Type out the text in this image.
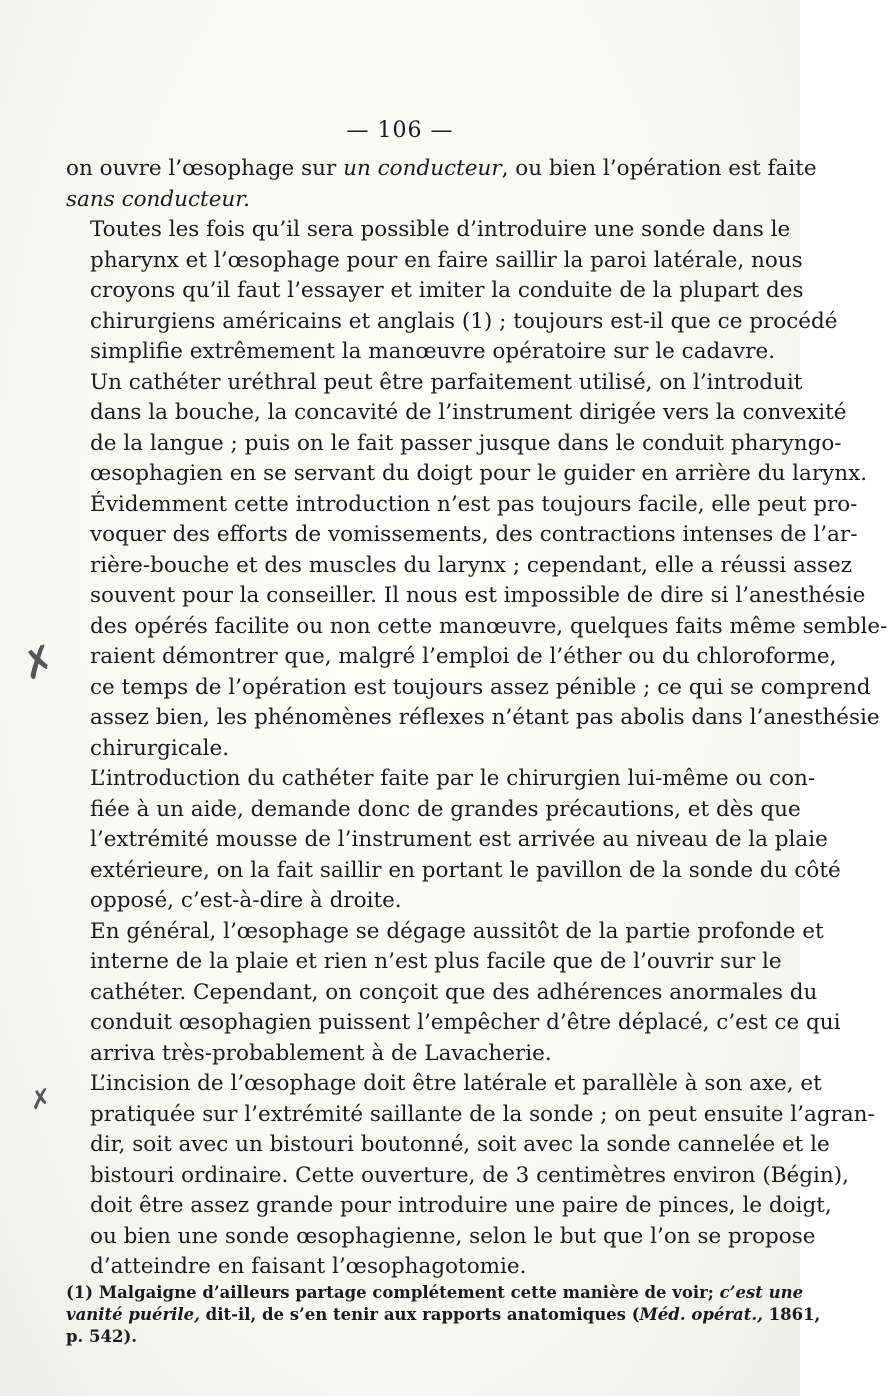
— 106 —

on ouvre l’œsophage sur un conducteur, ou bien l’opération est faite
sans conducteur.

Toutes les fois qu’il sera possible d’introduire une sonde dans le
pharynx et l’œsophage pour en faire saillir la paroi latérale, nous
croyons qu’il faut l’essayer et imiter la conduite de la plupart des
chirurgiens américains et anglais (1) ; toujours est-il que ce procédé
simplifie extrêmement la manœuvre opératoire sur le cadavre.

Un cathéter uréthral peut être parfaitement utilisé, on l’introduit
dans la bouche, la concavité de l’instrument dirigée vers la convexité
de la langue ; puis on le fait passer jusque dans le conduit pharyngo-
œsophagien en se servant du doigt pour le guider en arrière du larynx.
Évidemment cette introduction n’est pas toujours facile, elle peut pro-
voquer des efforts de vomissements, des contractions intenses de l’ar-
rière-bouche et des muscles du larynx ; cependant, elle a réussi assez
souvent pour la conseiller. Il nous est impossible de dire si l’anesthésie
des opérés facilite ou non cette manœuvre, quelques faits même semble-
raient démontrer que, malgré l’emploi de l’éther ou du chloroforme,
ce temps de l’opération est toujours assez pénible ; ce qui se comprend
assez bien, les phénomènes réflexes n’étant pas abolis dans l’anesthésie
chirurgicale.

L’introduction du cathéter faite par le chirurgien lui-même ou con-
fiée à un aide, demande donc de grandes précautions, et dès que
l’extrémité mousse de l’instrument est arrivée au niveau de la plaie
extérieure, on la fait saillir en portant le pavillon de la sonde du côté
opposé, c’est-à-dire à droite.

En général, l’œsophage se dégage aussitôt de la partie profonde et
interne de la plaie et rien n’est plus facile que de l’ouvrir sur le
cathéter. Cependant, on conçoit que des adhérences anormales du
conduit œsophagien puissent l’empêcher d’être déplacé, c’est ce qui
arriva très-probablement à de Lavacherie.

L’incision de l’œsophage doit être latérale et parallèle à son axe, et
pratiquée sur l’extrémité saillante de la sonde ; on peut ensuite l’agran-
dir, soit avec un bistouri boutonné, soit avec la sonde cannelée et le
bistouri ordinaire. Cette ouverture, de 3 centimètres environ (Bégin),
doit être assez grande pour introduire une paire de pinces, le doigt,
ou bien une sonde œsophagienne, selon le but que l’on se propose
d’atteindre en faisant l’œsophagotomie.

(1) Malgaigne d’ailleurs partage complétement cette manière de voir; c’est une
vanité puérile, dit-il, de s’en tenir aux rapports anatomiques (Méd. opérat., 1861,
p. 542).
✗
✗
